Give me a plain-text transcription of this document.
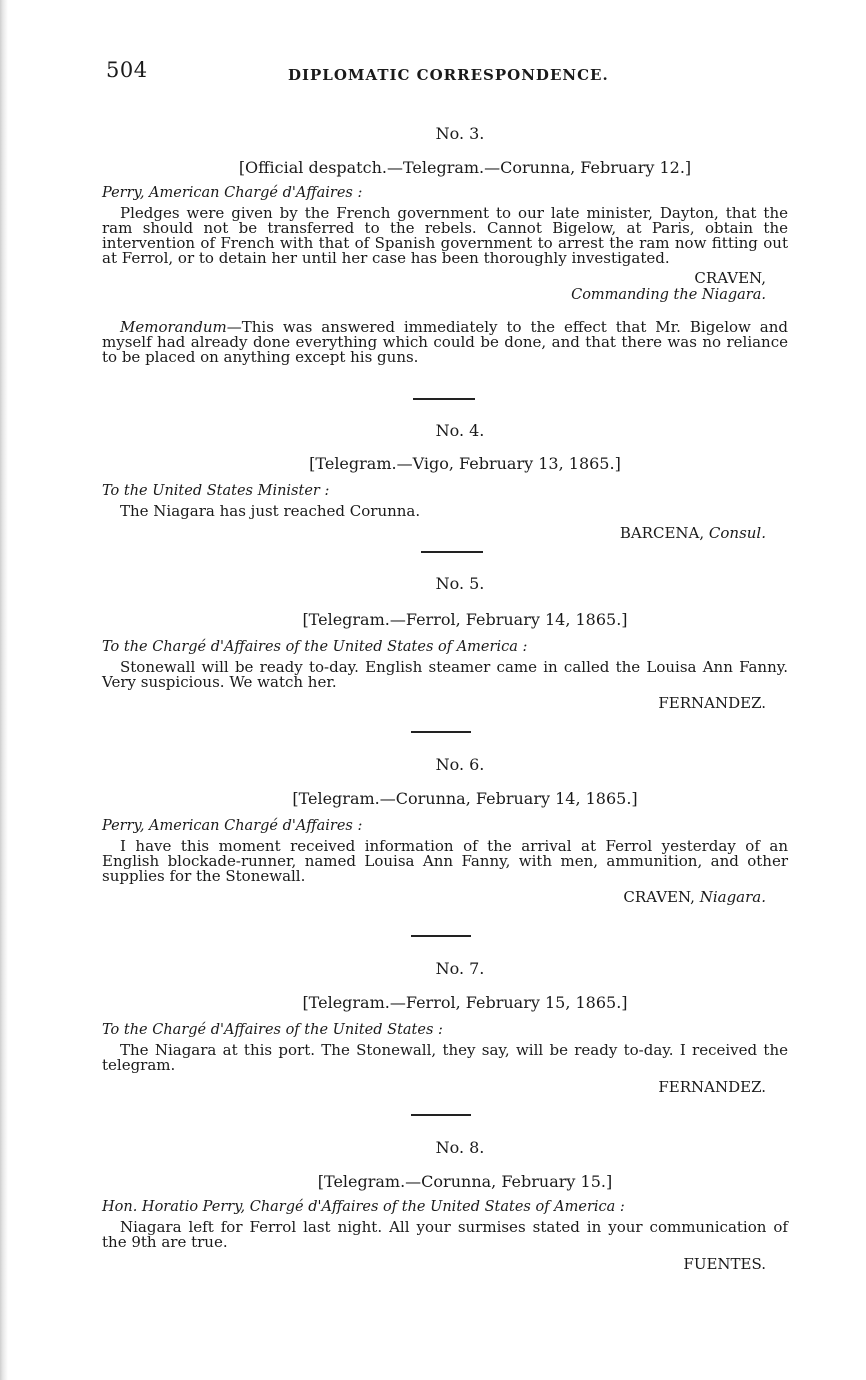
504	DIPLOMATIC CORRESPONDENCE.
No. 3.
[Official despatch.—Telegram.—Corunna, February 12.]
Perry, American Chargé d'Affaires :
Pledges were given by the French government to our late minister, Dayton, that the ram should not be transferred to the rebels. Cannot Bigelow, at Paris, obtain the intervention of French with that of Spanish government to arrest the ram now fitting out at Ferrol, or to detain her until her case has been thoroughly investigated.
CRAVEN,
Commanding the Niagara.
Memorandum—This was answered immediately to the effect that Mr. Bigelow and myself had already done everything which could be done, and that there was no reliance to be placed on anything except his guns.
No. 4.
[Telegram.—Vigo, February 13, 1865.]
To the United States Minister :
The Niagara has just reached Corunna.
BARCENA, Consul.
No. 5.
[Telegram.—Ferrol, February 14, 1865.]
To the Chargé d'Affaires of the United States of America :
Stonewall will be ready to-day. English steamer came in called the Louisa Ann Fanny. Very suspicious. We watch her.
FERNANDEZ.
No. 6.
[Telegram.—Corunna, February 14, 1865.]
Perry, American Chargé d'Affaires :
I have this moment received information of the arrival at Ferrol yesterday of an English blockade-runner, named Louisa Ann Fanny, with men, ammunition, and other supplies for the Stonewall.
CRAVEN, Niagara.
No. 7.
[Telegram.—Ferrol, February 15, 1865.]
To the Chargé d'Affaires of the United States :
The Niagara at this port. The Stonewall, they say, will be ready to-day. I received the telegram.
FERNANDEZ.
No. 8.
[Telegram.—Corunna, February 15.]
Hon. Horatio Perry, Chargé d'Affaires of the United States of America :
Niagara left for Ferrol last night. All your surmises stated in your communication of the 9th are true.
FUENTES.
